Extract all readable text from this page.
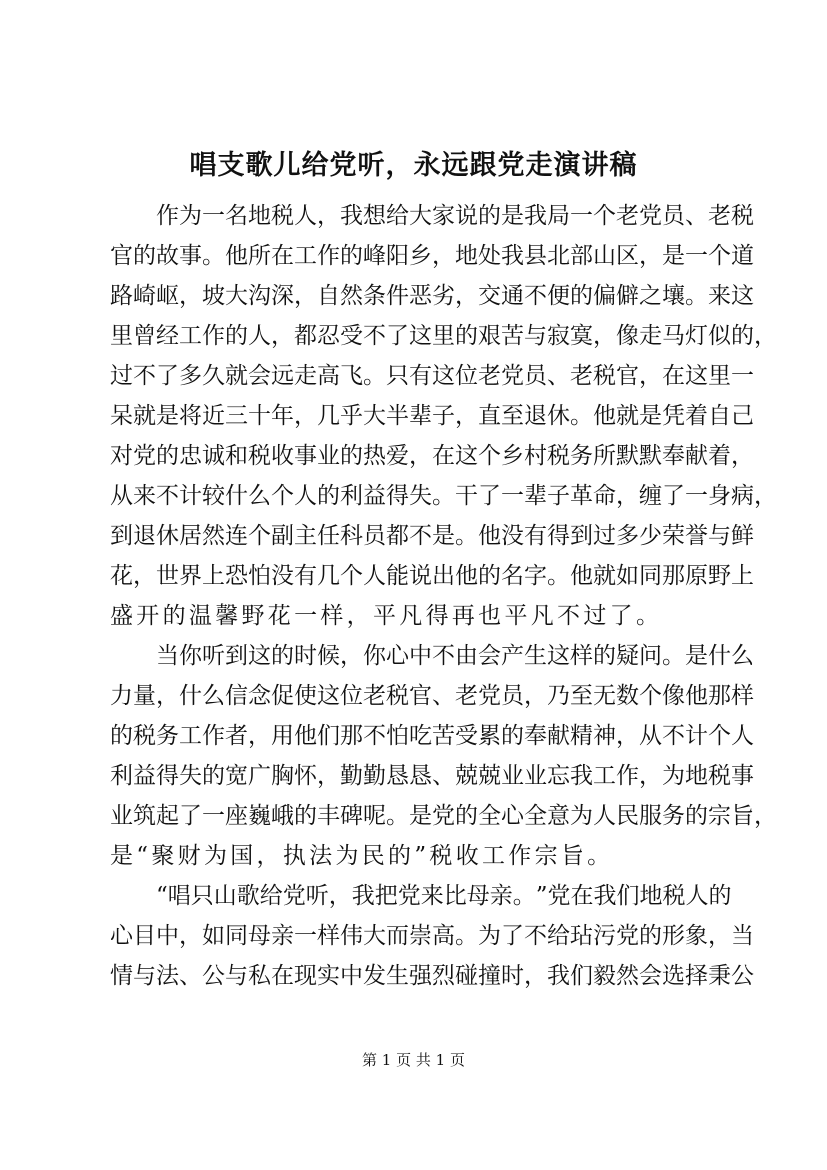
唱支歌儿给党听，永远跟党走演讲稿
作 为 一 名 地 税 人 ， 我 想 给 大 家 说 的 是 我 局 一 个 老 党 员 、 老 税
官 的 故 事 。 他 所 在 工 作 的 峰 阳 乡 ， 地 处 我 县 北 部 山 区 ， 是 一 个 道
路 崎 岖 ， 坡 大 沟 深 ， 自 然 条 件 恶 劣 ， 交 通 不 便 的 偏 僻 之 壤 。 来 这
里 曾 经 工 作 的 人 ， 都 忍 受 不 了 这 里 的 艰 苦 与 寂 寞 ， 像 走 马 灯 似 的 ，
过 不 了 多 久 就 会 远 走 高 飞 。 只 有 这 位 老 党 员 、 老 税 官 ， 在 这 里 一
呆 就 是 将 近 三 十 年 ， 几 乎 大 半 辈 子 ， 直 至 退 休 。 他 就 是 凭 着 自 己
对 党 的 忠 诚 和 税 收 事 业 的 热 爱 ， 在 这 个 乡 村 税 务 所 默 默 奉 献 着 ，
从 来 不 计 较 什 么 个 人 的 利 益 得 失 。 干 了 一 辈 子 革 命 ， 缠 了 一 身 病 ，
到 退 休 居 然 连 个 副 主 任 科 员 都 不 是 。 他 没 有 得 到 过 多 少 荣 誉 与 鲜
花 ， 世 界 上 恐 怕 没 有 几 个 人 能 说 出 他 的 名 字 。 他 就 如 同 那 原 野 上
盛 开 的 温 馨 野 花 一 样 ， 平 凡 得 再 也 平 凡 不 过 了 。
当 你 听 到 这 的 时 候 ， 你 心 中 不 由 会 产 生 这 样 的 疑 问 。 是 什 么
力 量 ， 什 么 信 念 促 使 这 位 老 税 官 、 老 党 员 ， 乃 至 无 数 个 像 他 那 样
的 税 务 工 作 者 ， 用 他 们 那 不 怕 吃 苦 受 累 的 奉 献 精 神 ， 从 不 计 个 人
利 益 得 失 的 宽 广 胸 怀 ， 勤 勤 恳 恳 、 兢 兢 业 业 忘 我 工 作 ， 为 地 税 事
业 筑 起 了 一 座 巍 峨 的 丰 碑 呢 。 是 党 的 全 心 全 意 为 人 民 服 务 的 宗 旨 ，
是 “ 聚 财 为 国 ， 执 法 为 民 的 ” 税 收 工 作 宗 旨 。
“ 唱 只 山 歌 给 党 听 ， 我 把 党 来 比 母 亲 。 ” 党 在 我 们 地 税 人 的
心 目 中 ， 如 同 母 亲 一 样 伟 大 而 崇 高 。 为 了 不 给 玷 污 党 的 形 象 ， 当
情 与 法 、 公 与 私 在 现 实 中 发 生 强 烈 碰 撞 时 ， 我 们 毅 然 会 选 择 秉 公
第 1 页 共 1 页
